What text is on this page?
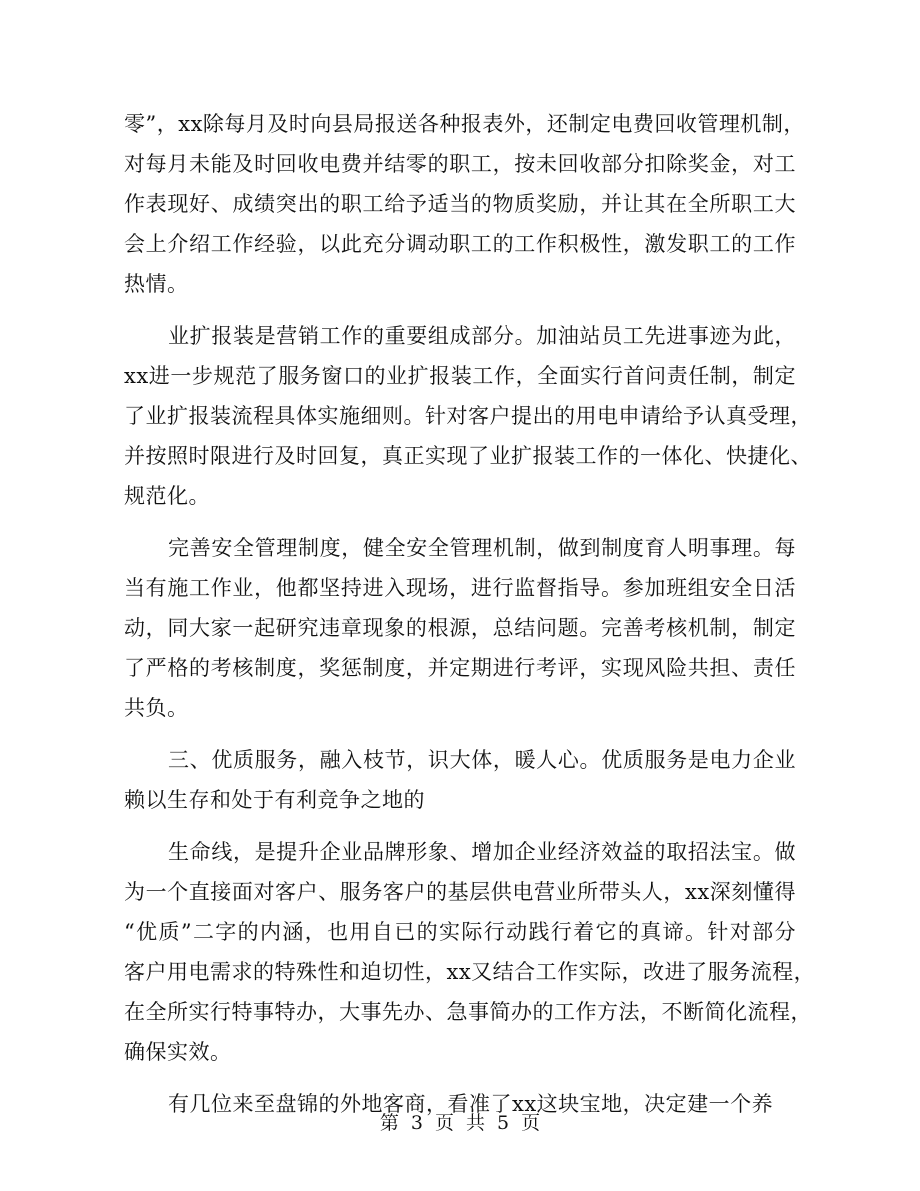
零”，xx除每月及时向县局报送各种报表外，还制定电费回收管理机制，
对每月未能及时回收电费并结零的职工，按未回收部分扣除奖金，对工
作表现好、成绩突出的职工给予适当的物质奖励，并让其在全所职工大
会上介绍工作经验，以此充分调动职工的工作积极性，激发职工的工作
热情。
业扩报装是营销工作的重要组成部分。加油站员工先进事迹为此，
xx进一步规范了服务窗口的业扩报装工作，全面实行首问责任制，制定
了业扩报装流程具体实施细则。针对客户提出的用电申请给予认真受理，
并按照时限进行及时回复，真正实现了业扩报装工作的一体化、快捷化、
规范化。
完善安全管理制度，健全安全管理机制，做到制度育人明事理。每
当有施工作业，他都坚持进入现场，进行监督指导。参加班组安全日活
动，同大家一起研究违章现象的根源，总结问题。完善考核机制，制定
了严格的考核制度，奖惩制度，并定期进行考评，实现风险共担、责任
共负。
三、优质服务，融入枝节，识大体，暖人心。优质服务是电力企业
赖以生存和处于有利竞争之地的
生命线，是提升企业品牌形象、增加企业经济效益的取招法宝。做
为一个直接面对客户、服务客户的基层供电营业所带头人，xx深刻懂得
“优质”二字的内涵，也用自已的实际行动践行着它的真谛。针对部分
客户用电需求的特殊性和迫切性，xx又结合工作实际，改进了服务流程，
在全所实行特事特办，大事先办、急事简办的工作方法，不断简化流程，
确保实效。
有几位来至盘锦的外地客商，看准了xx这块宝地，决定建一个养
第 3 页 共 5 页
